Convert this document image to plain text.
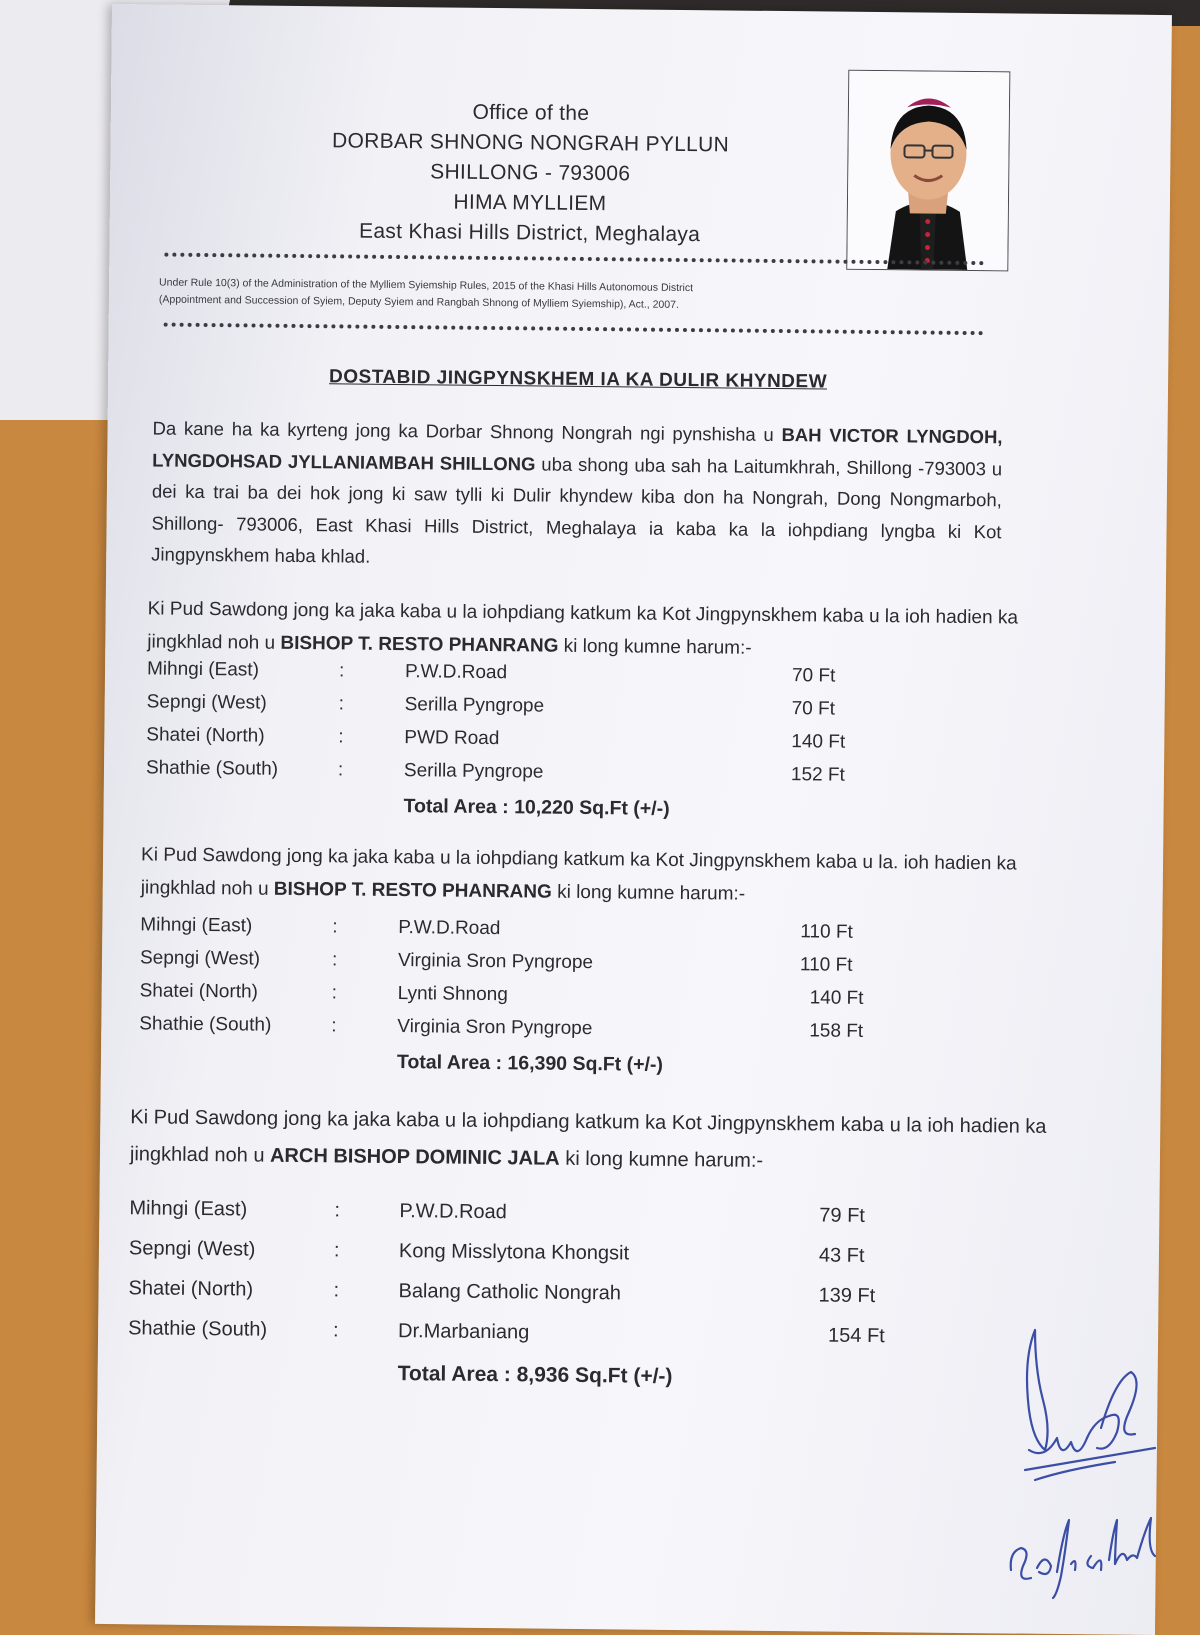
Office of the
DORBAR SHNONG NONGRAH PYLLUN
SHILLONG - 793006
HIMA MYLLIEM
East Khasi Hills District, Meghalaya
Under Rule 10(3) of the Administration of the Mylliem Syiemship Rules, 2015 of the Khasi Hills Autonomous District
(Appointment and Succession of Syiem, Deputy Syiem and Rangbah Shnong of Mylliem Syiemship), Act., 2007.
DOSTABID JINGPYNSKHEM IA KA DULIR KHYNDEW
Da kane ha ka kyrteng jong ka Dorbar Shnong Nongrah ngi pynshisha u BAH VICTOR LYNGDOH, LYNGDOHSAD JYLLANIAMBAH SHILLONG uba shong uba sah ha Laitumkhrah, Shillong -793003 u dei ka trai ba dei hok jong ki saw tylli ki Dulir khyndew kiba don ha Nongrah, Dong Nongmarboh, Shillong- 793006, East Khasi Hills District, Meghalaya ia kaba ka la iohpdiang lyngba ki Kot Jingpynskhem haba khlad.
Ki Pud Sawdong jong ka jaka kaba u la iohpdiang katkum ka Kot Jingpynskhem kaba u la ioh hadien ka jingkhlad noh u BISHOP T. RESTO PHANRANG ki long kumne harum:-
Mihngi (East)	:	P.W.D.Road	70 Ft
Sepngi (West)	:	Serilla Pyngrope	70 Ft
Shatei (North)	:	PWD Road	140 Ft
Shathie (South)	:	Serilla Pyngrope	152 Ft
Total Area : 10,220 Sq.Ft (+/-)
Ki Pud Sawdong jong ka jaka kaba u la iohpdiang katkum ka Kot Jingpynskhem kaba u la. ioh hadien ka jingkhlad noh u BISHOP T. RESTO PHANRANG ki long kumne harum:-
Mihngi (East)	:	P.W.D.Road	110 Ft
Sepngi (West)	:	Virginia Sron Pyngrope	110 Ft
Shatei (North)	:	Lynti Shnong	140 Ft
Shathie (South)	:	Virginia Sron Pyngrope	158 Ft
Total Area : 16,390 Sq.Ft (+/-)
Ki Pud Sawdong jong ka jaka kaba u la iohpdiang katkum ka Kot Jingpynskhem kaba u la ioh hadien ka jingkhlad noh u ARCH BISHOP DOMINIC JALA ki long kumne harum:-
Mihngi (East)	:	P.W.D.Road	79 Ft
Sepngi (West)	:	Kong Misslytona Khongsit	43 Ft
Shatei (North)	:	Balang Catholic Nongrah	139 Ft
Shathie (South)	:	Dr.Marbaniang	154 Ft
Total Area : 8,936 Sq.Ft (+/-)
